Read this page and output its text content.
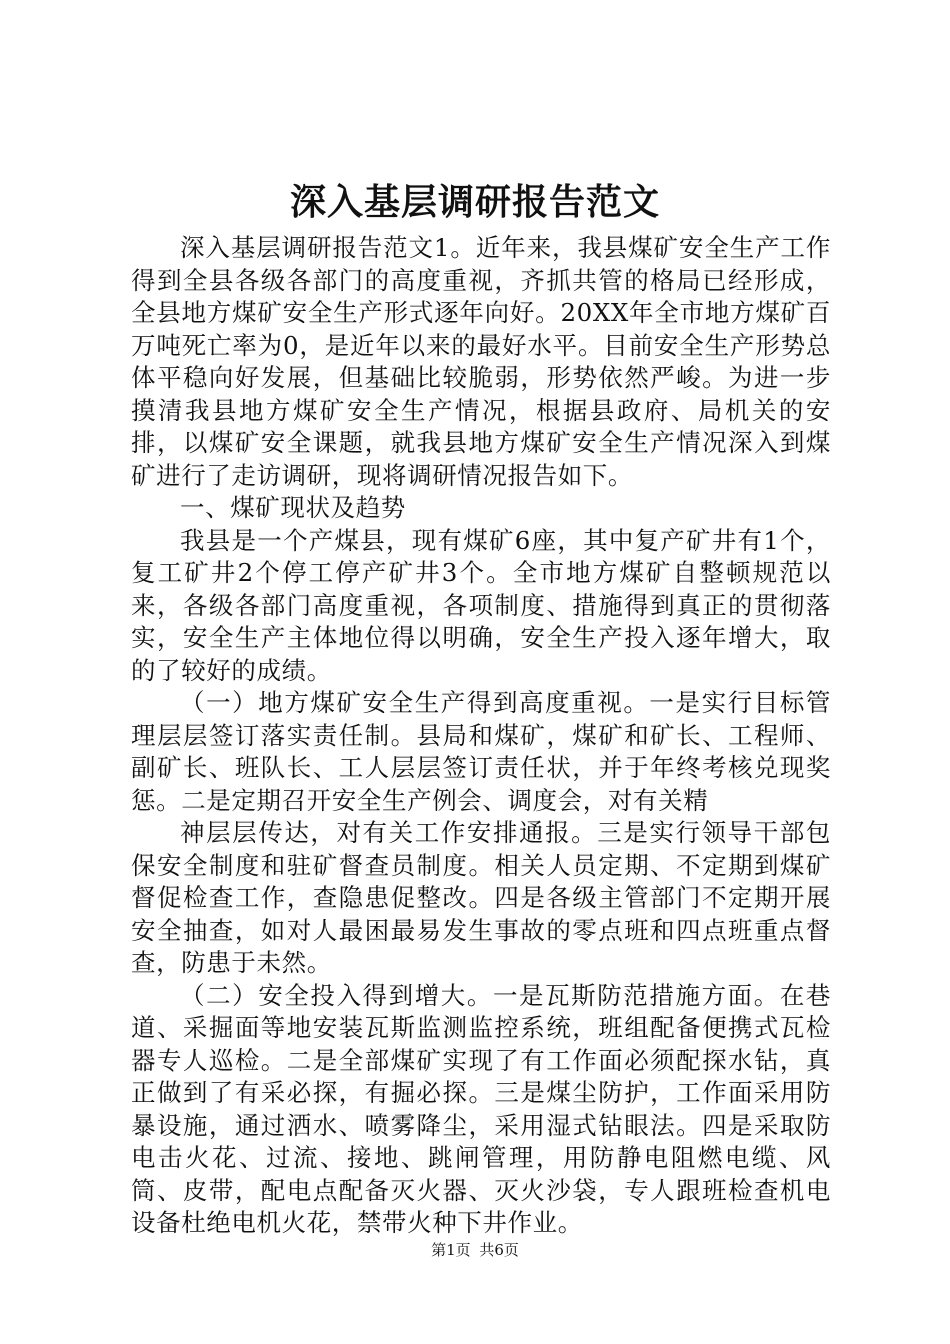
深入基层调研报告范文

深入基层调研报告范文1。近年来，我县煤矿安全生产工作得到全县各级各部门的高度重视，齐抓共管的格局已经形成，全县地方煤矿安全生产形式逐年向好。20XX年全市地方煤矿百万吨死亡率为0，是近年以来的最好水平。目前安全生产形势总体平稳向好发展，但基础比较脆弱，形势依然严峻。为进一步摸清我县地方煤矿安全生产情况，根据县政府、局机关的安排，以煤矿安全课题，就我县地方煤矿安全生产情况深入到煤矿进行了走访调研，现将调研情况报告如下。

一、煤矿现状及趋势

我县是一个产煤县，现有煤矿6座，其中复产矿井有1个，复工矿井2个停工停产矿井3个。全市地方煤矿自整顿规范以来，各级各部门高度重视，各项制度、措施得到真正的贯彻落实，安全生产主体地位得以明确，安全生产投入逐年增大，取的了较好的成绩。

（一）地方煤矿安全生产得到高度重视。一是实行目标管理层层签订落实责任制。县局和煤矿，煤矿和矿长、工程师、副矿长、班队长、工人层层签订责任状，并于年终考核兑现奖惩。二是定期召开安全生产例会、调度会，对有关精

神层层传达，对有关工作安排通报。三是实行领导干部包保安全制度和驻矿督查员制度。相关人员定期、不定期到煤矿督促检查工作，查隐患促整改。四是各级主管部门不定期开展安全抽查，如对人最困最易发生事故的零点班和四点班重点督查，防患于未然。

（二）安全投入得到增大。一是瓦斯防范措施方面。在巷道、采掘面等地安装瓦斯监测监控系统，班组配备便携式瓦检器专人巡检。二是全部煤矿实现了有工作面必须配探水钻，真正做到了有采必探，有掘必探。三是煤尘防护，工作面采用防暴设施，通过洒水、喷雾降尘，采用湿式钻眼法。四是采取防电击火花、过流、接地、跳闸管理，用防静电阻燃电缆、风筒、皮带，配电点配备灭火器、灭火沙袋，专人跟班检查机电设备杜绝电机火花，禁带火种下井作业。

第1页 共6页
